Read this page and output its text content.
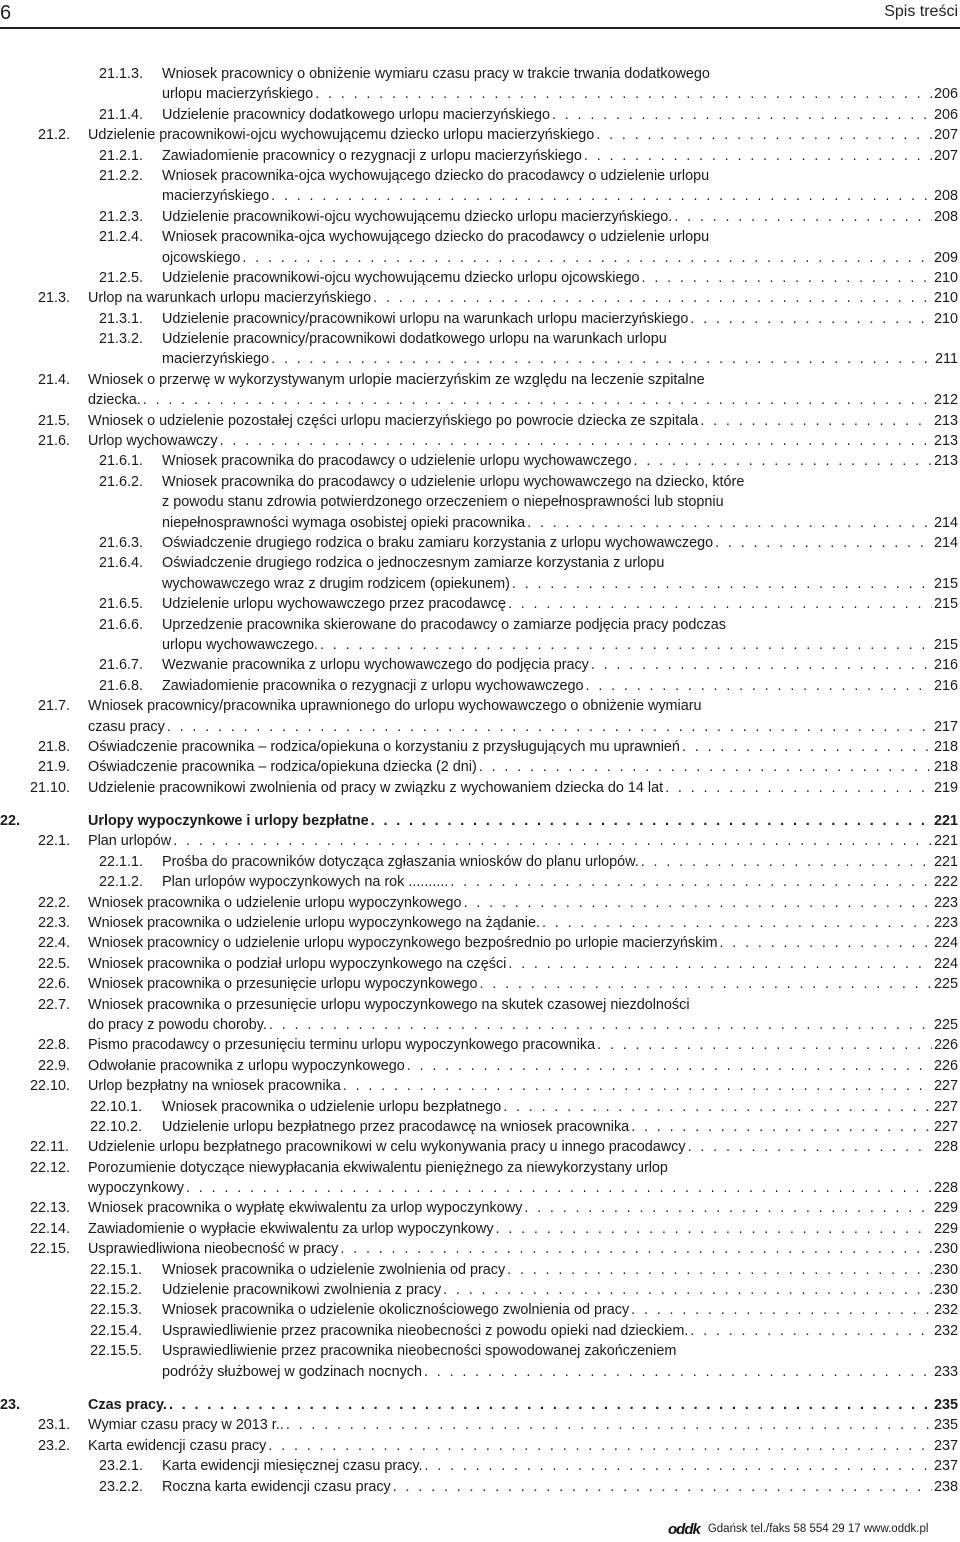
6	Spis treści
21.1.3. Wniosek pracownicy o obniżenie wymiaru czasu pracy w trakcie trwania dodatkowego
urlopu macierzyńskiego . . .	206
21.1.4. Udzielenie pracownicy dodatkowego urlopu macierzyńskiego . . .	206
21.2. Udzielenie pracownikowi-ojcu wychowującemu dziecko urlopu macierzyńskiego . . .	207
21.2.1. Zawiadomienie pracownicy o rezygnacji z urlopu macierzyńskiego . . .	207
21.2.2. Wniosek pracownika-ojca wychowującego dziecko do pracodawcy o udzielenie urlopu
macierzyńskiego . . .	208
21.2.3. Udzielenie pracownikowi-ojcu wychowującemu dziecko urlopu macierzyńskiego. . . .	208
21.2.4. Wniosek pracownika-ojca wychowującego dziecko do pracodawcy o udzielenie urlopu
ojcowskiego . . .	209
21.2.5. Udzielenie pracownikowi-ojcu wychowującemu dziecko urlopu ojcowskiego . . .	210
21.3. Urlop na warunkach urlopu macierzyńskiego . . .	210
21.3.1. Udzielenie pracownicy/pracownikowi urlopu na warunkach urlopu macierzyńskiego . . .	210
21.3.2. Udzielenie pracownicy/pracownikowi dodatkowego urlopu na warunkach urlopu
macierzyńskiego . . .	211
21.4. Wniosek o przerwę w wykorzystywanym urlopie macierzyńskim ze względu na leczenie szpitalne
dziecka. . . .	212
21.5. Wniosek o udzielenie pozostałej części urlopu macierzyńskiego po powrocie dziecka ze szpitala . . .	213
21.6. Urlop wychowawczy . . .	213
21.6.1. Wniosek pracownika do pracodawcy o udzielenie urlopu wychowawczego . . .	213
21.6.2. Wniosek pracownika do pracodawcy o udzielenie urlopu wychowawczego na dziecko, które
z powodu stanu zdrowia potwierdzonego orzeczeniem o niepełnosprawności lub stopniu
niepełnosprawności wymaga osobistej opieki pracownika . . .	214
21.6.3. Oświadczenie drugiego rodzica o braku zamiaru korzystania z urlopu wychowawczego . . .	214
21.6.4. Oświadczenie drugiego rodzica o jednoczesnym zamiarze korzystania z urlopu
wychowawczego wraz z drugim rodzicem (opiekunem) . . .	215
21.6.5. Udzielenie urlopu wychowawczego przez pracodawcę . . .	215
21.6.6. Uprzedzenie pracownika skierowane do pracodawcy o zamiarze podjęcia pracy podczas
urlopu wychowawczego. . . .	215
21.6.7. Wezwanie pracownika z urlopu wychowawczego do podjęcia pracy . . .	216
21.6.8. Zawiadomienie pracownika o rezygnacji z urlopu wychowawczego . . .	216
21.7. Wniosek pracownicy/pracownika uprawnionego do urlopu wychowawczego o obniżenie wymiaru
czasu pracy . . .	217
21.8. Oświadczenie pracownika – rodzica/opiekuna o korzystaniu z przysługujących mu uprawnień . . .	218
21.9. Oświadczenie pracownika – rodzica/opiekuna dziecka (2 dni) . . .	218
21.10. Udzielenie pracownikowi zwolnienia od pracy w związku z wychowaniem dziecka do 14 lat . . .	219
22.	Urlopy wypoczynkowe i urlopy bezpłatne . . .	221
22.1. Plan urlopów . . .	221
22.1.1. Prośba do pracowników dotycząca zgłaszania wniosków do planu urlopów. . . .	221
22.1.2. Plan urlopów wypoczynkowych na rok .......... . . .	222
22.2. Wniosek pracownika o udzielenie urlopu wypoczynkowego . . .	223
22.3. Wniosek pracownika o udzielenie urlopu wypoczynkowego na żądanie. . . .	223
22.4. Wniosek pracownicy o udzielenie urlopu wypoczynkowego bezpośrednio po urlopie macierzyńskim . . .	224
22.5. Wniosek pracownika o podział urlopu wypoczynkowego na części . . .	224
22.6. Wniosek pracownika o przesunięcie urlopu wypoczynkowego . . .	225
22.7. Wniosek pracownika o przesunięcie urlopu wypoczynkowego na skutek czasowej niezdolności
do pracy z powodu choroby. . . .	225
22.8. Pismo pracodawcy o przesunięciu terminu urlopu wypoczynkowego pracownika . . .	226
22.9. Odwołanie pracownika z urlopu wypoczynkowego . . .	226
22.10. Urlop bezpłatny na wniosek pracownika . . .	227
22.10.1. Wniosek pracownika o udzielenie urlopu bezpłatnego . . .	227
22.10.2. Udzielenie urlopu bezpłatnego przez pracodawcę na wniosek pracownika . . .	227
22.11. Udzielenie urlopu bezpłatnego pracownikowi w celu wykonywania pracy u innego pracodawcy . . .	228
22.12. Porozumienie dotyczące niewypłacania ekwiwalentu pieniężnego za niewykorzystany urlop
wypoczynkowy . . .	228
22.13. Wniosek pracownika o wypłatę ekwiwalentu za urlop wypoczynkowy . . .	229
22.14. Zawiadomienie o wypłacie ekwiwalentu za urlop wypoczynkowy . . .	229
22.15. Usprawiedliwiona nieobecność w pracy . . .	230
22.15.1. Wniosek pracownika o udzielenie zwolnienia od pracy . . .	230
22.15.2. Udzielenie pracownikowi zwolnienia z pracy . . .	230
22.15.3. Wniosek pracownika o udzielenie okolicznościowego zwolnienia od pracy . . .	232
22.15.4. Usprawiedliwienie przez pracownika nieobecności z powodu opieki nad dzieckiem. . . .	232
22.15.5. Usprawiedliwienie przez pracownika nieobecności spowodowanej zakończeniem
podróży służbowej w godzinach nocnych . . .	233
23.	Czas pracy. . . .	235
23.1. Wymiar czasu pracy w 2013 r.. . . .	235
23.2. Karta ewidencji czasu pracy . . .	237
23.2.1. Karta ewidencji miesięcznej czasu pracy. . . .	237
23.2.2. Roczna karta ewidencji czasu pracy . . .	238
oddk Gdańsk tel./faks 58 554 29 17 www.oddk.pl
